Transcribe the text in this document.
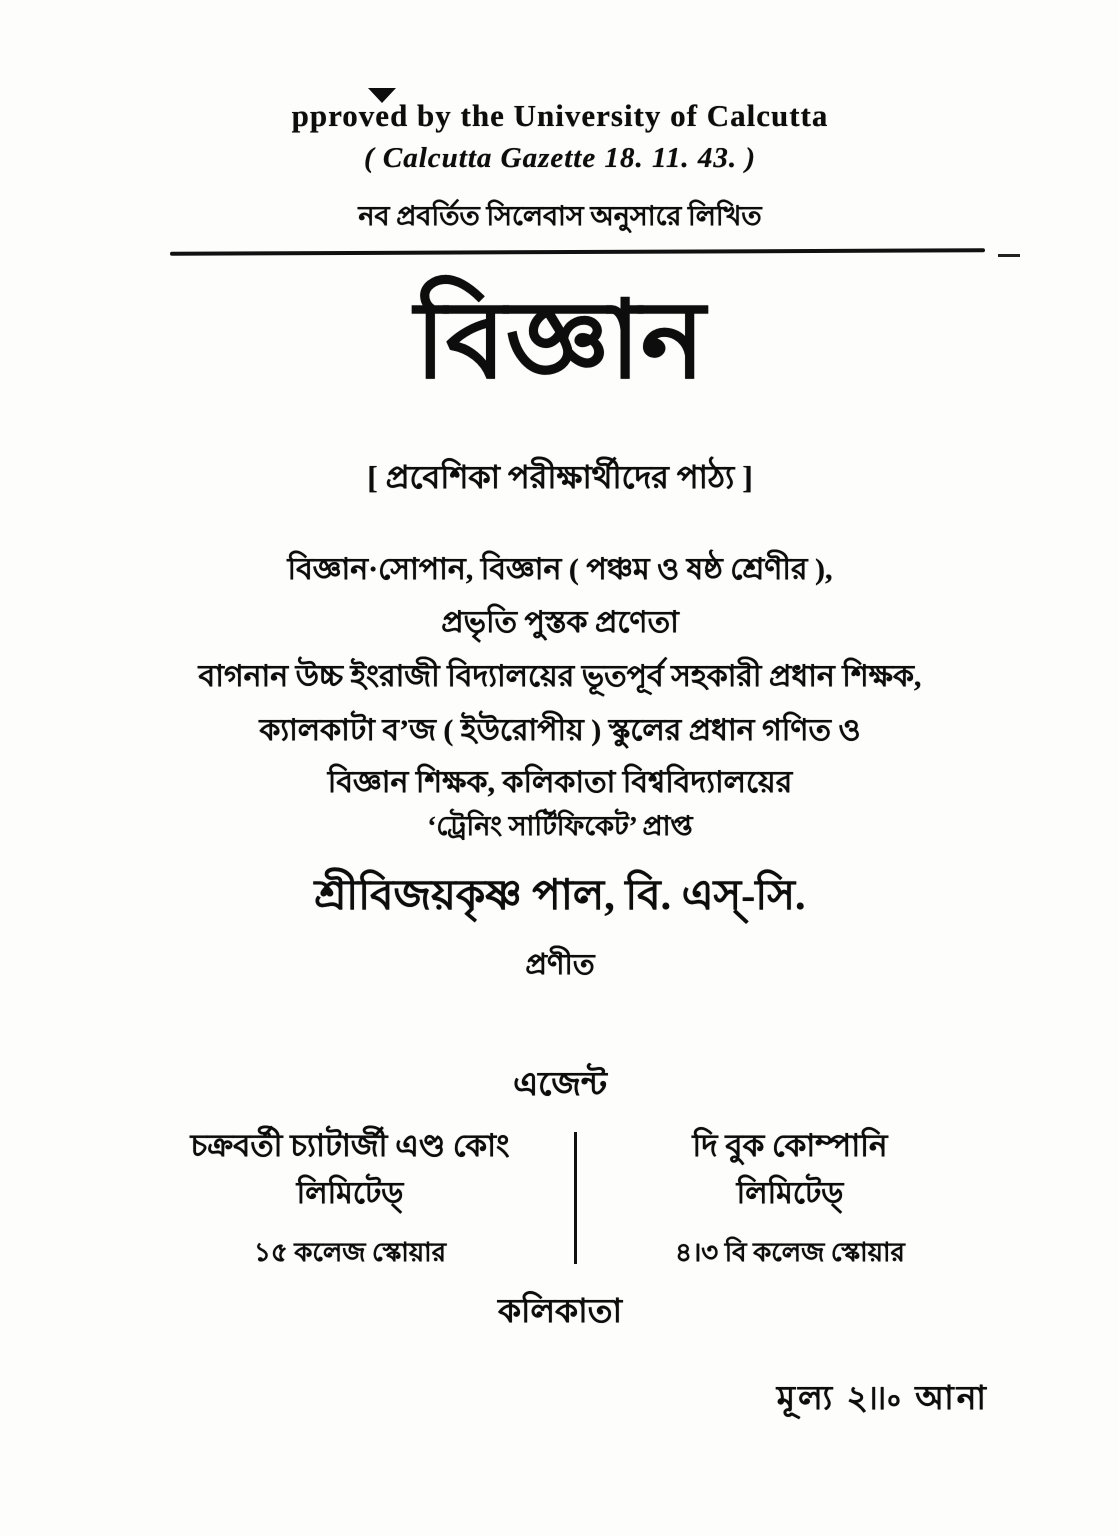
pproved by the University of Calcutta
( Calcutta Gazette 18. 11. 43. )
নব প্রবর্তিত সিলেবাস অনুসারে লিখিত
বিজ্ঞান
[ প্রবেশিকা পরীক্ষার্থীদের পাঠ্য ]
বিজ্ঞান·সোপান, বিজ্ঞান ( পঞ্চম ও ষষ্ঠ শ্রেণীর ),
প্রভৃতি পুস্তক প্রণেতা
বাগনান উচ্চ ইংরাজী বিদ্যালয়ের ভূতপূর্ব সহকারী প্রধান শিক্ষক,
ক্যালকাটা ব’জ ( ইউরোপীয় ) স্কুলের প্রধান গণিত ও
বিজ্ঞান শিক্ষক, কলিকাতা বিশ্ববিদ্যালয়ের
‘ট্রেনিং সার্টিফিকেট’ প্রাপ্ত
শ্রীবিজয়কৃষ্ণ পাল, বি. এস্-সি.
প্রণীত
এজেন্ট
চক্রবর্তী চ্যাটার্জী এণ্ড কোং
লিমিটেড্
১৫ কলেজ স্কোয়ার
দি বুক কোম্পানি
লিমিটেড্
৪।৩ বি কলেজ স্কোয়ার
কলিকাতা
মূল্য ২৷৷৹ আনা
